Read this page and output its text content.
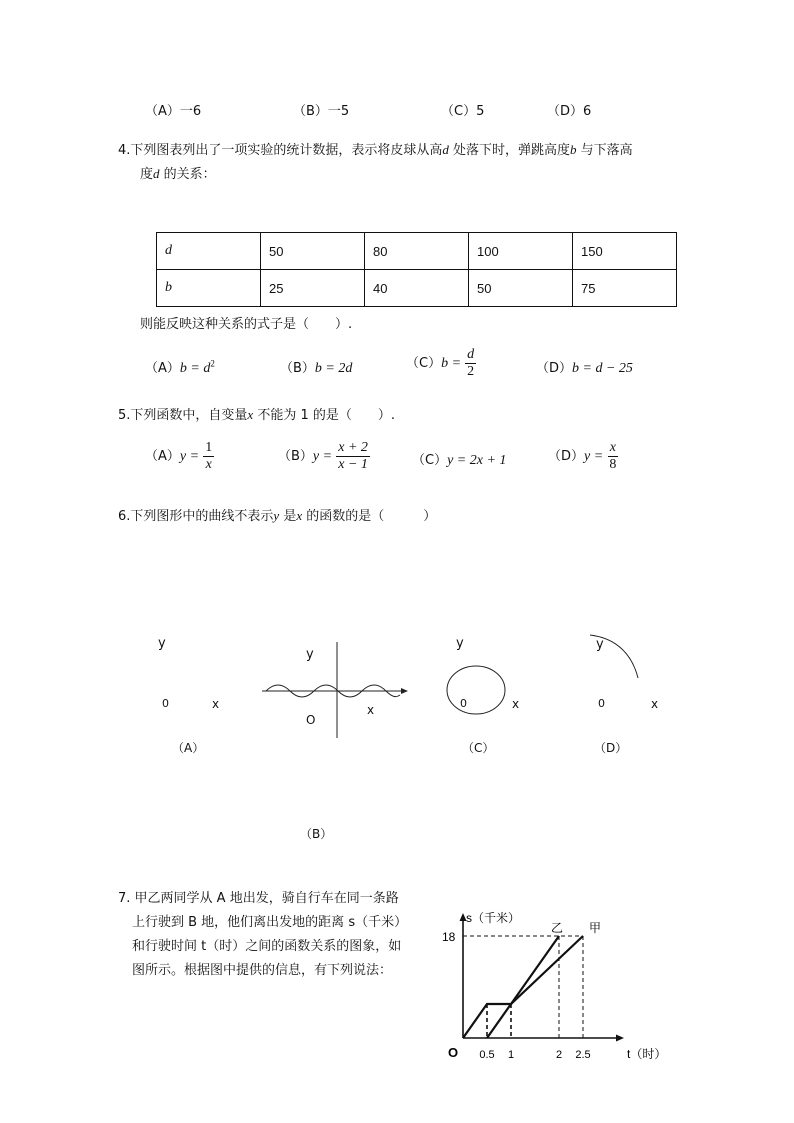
（A）一6	（B）一5	（C）5	（D）6
4.下列图表列出了一项实验的统计数据，表示将皮球从高d 处落下时，弹跳高度b 与下落高
度d 的关系：
d	50	80	100	150
b	25	40	50	75
则能反映这种关系的式子是（　　）.
$(A)b = d^2$	（B）b = 2d	$(C)b = \frac{d}{2}$	（D）b = d − 25
5.下列函数中，自变量x 不能为 1 的是（　　）.
$(A)y = \frac{1}{x}$	$(B)y = \frac{x + 2}{x - 1}$	（C）y = 2x + 1	$(D)y = \frac{x}{8}$
6.下列图形中的曲线不表示y 是x 的函数的是（　　　）
y
0	x
（A）
y
O
x
（B）
y
0	x
（C）
y
0	x
（D）
7. 甲乙两同学从 A 地出发，骑自行车在同一条路
上行驶到 B 地，他们离出发地的距离 s（千米）
和行驶时间 t（时）之间的函数关系的图象，如
图所示。根据图中提供的信息，有下列说法：
s（千米）
t（时）
O
18
0.5 1	2 2.5
乙 甲
